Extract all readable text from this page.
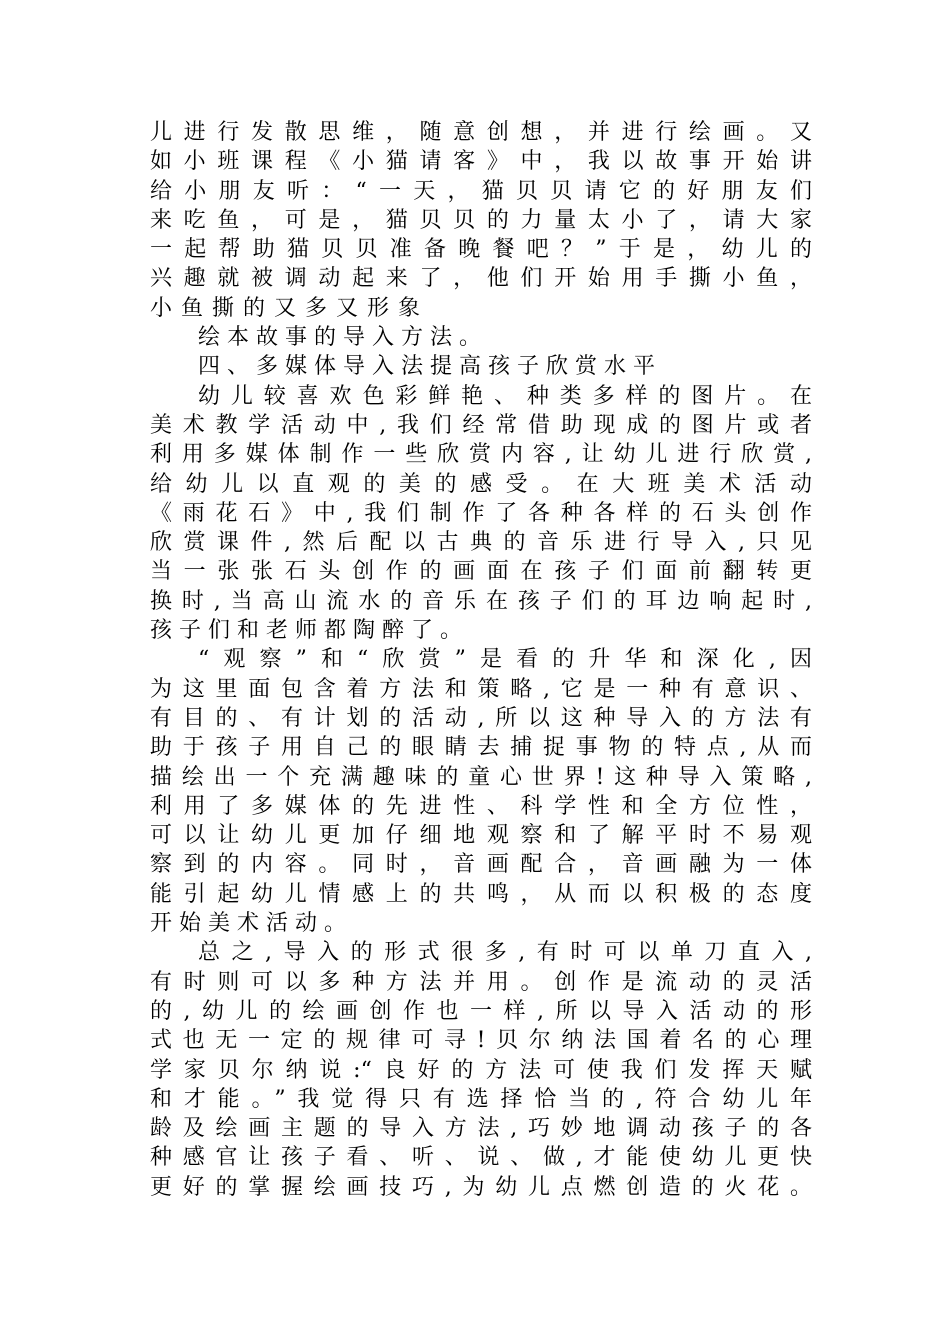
儿进行发散思维，随意创想，并进行绘画。又
如小班课程《小猫请客》中，我以故事开始讲
给小朋友听：“一天，猫贝贝请它的好朋友们
来吃鱼，可是，猫贝贝的力量太小了，请大家
一起帮助猫贝贝准备晚餐吧？”于是，幼儿的
兴趣就被调动起来了，他们开始用手撕小鱼，
小鱼撕的又多又形象
绘本故事的导入方法。
四、多媒体导入法提高孩子欣赏水平
幼儿较喜欢色彩鲜艳、种类多样的图片。在
美术教学活动中,我们经常借助现成的图片或者
利用多媒体制作一些欣赏内容,让幼儿进行欣赏,
给幼儿以直观的美的感受。在大班美术活动
《雨花石》中,我们制作了各种各样的石头创作
欣赏课件,然后配以古典的音乐进行导入,只见
当一张张石头创作的画面在孩子们面前翻转更
换时,当高山流水的音乐在孩子们的耳边响起时,
孩子们和老师都陶醉了。
“观察”和“欣赏”是看的升华和深化,因
为这里面包含着方法和策略,它是一种有意识、
有目的、有计划的活动,所以这种导入的方法有
助于孩子用自己的眼睛去捕捉事物的特点,从而
描绘出一个充满趣味的童心世界!这种导入策略,
利用了多媒体的先进性、科学性和全方位性，
可以让幼儿更加仔细地观察和了解平时不易观
察到的内容。同时，音画配合，音画融为一体
能引起幼儿情感上的共鸣，从而以积极的态度
开始美术活动。
总之,导入的形式很多,有时可以单刀直入,
有时则可以多种方法并用。创作是流动的灵活
的,幼儿的绘画创作也一样,所以导入活动的形
式也无一定的规律可寻!贝尔纳法国着名的心理
学家贝尔纳说:“良好的方法可使我们发挥天赋
和才能。”我觉得只有选择恰当的,符合幼儿年
龄及绘画主题的导入方法,巧妙地调动孩子的各
种感官让孩子看、听、说、做,才能使幼儿更快
更好的掌握绘画技巧,为幼儿点燃创造的火花。
